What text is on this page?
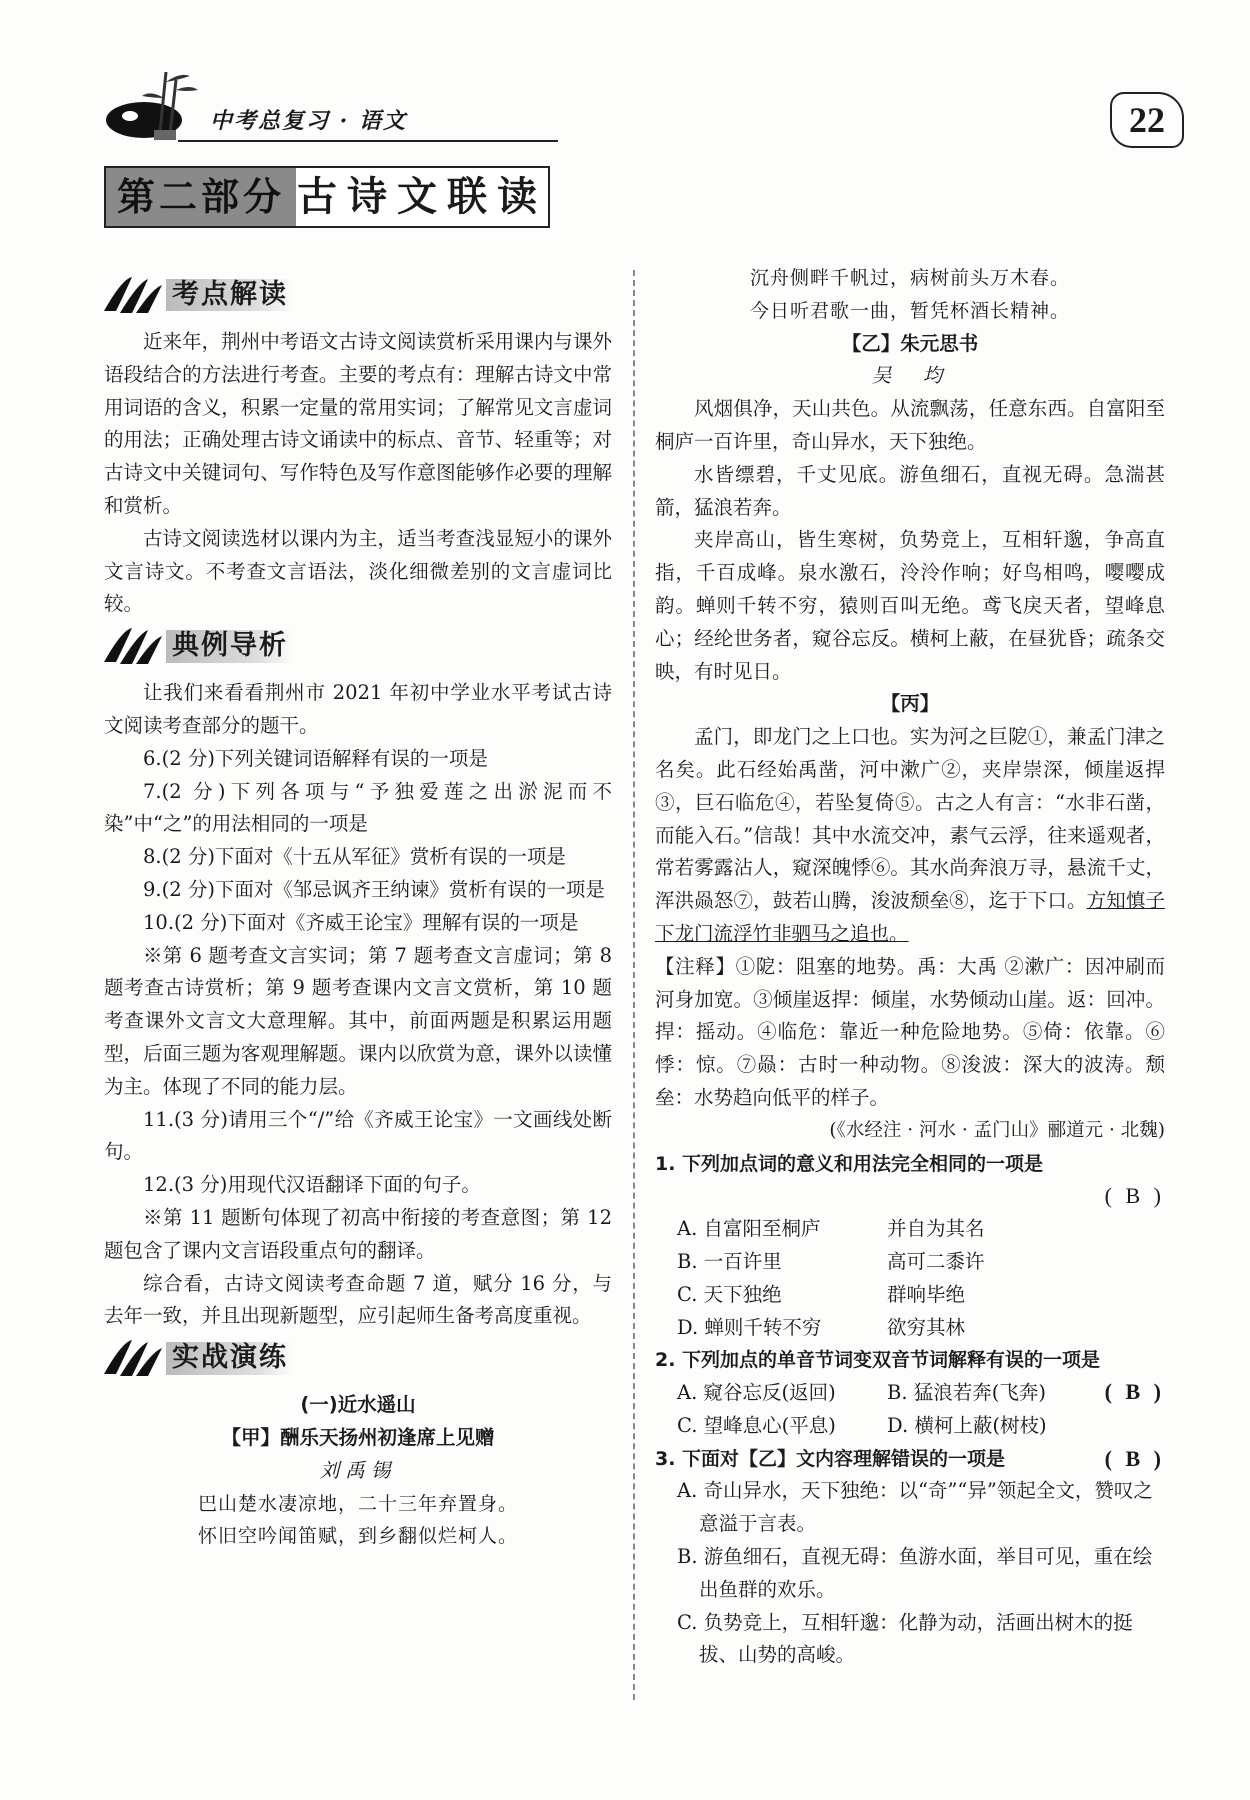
中考总复习 · 语文	22
第二部分 古诗文联读
考点解读

近来年，荆州中考语文古诗文阅读赏析采用课内与课外语段结合的方法进行考查。主要的考点有：理解古诗文中常用词语的含义，积累一定量的常用实词；了解常见文言虚词的用法；正确处理古诗文诵读中的标点、音节、轻重等；对古诗文中关键词句、写作特色及写作意图能够作必要的理解和赏析。

古诗文阅读选材以课内为主，适当考查浅显短小的课外文言诗文。不考查文言语法，淡化细微差别的文言虚词比较。

典例导析

让我们来看看荆州市 2021 年初中学业水平考试古诗文阅读考查部分的题干。

6.(2 分)下列关键词语解释有误的一项是

7.(2 分)下列各项与“予独爱莲之出淤泥而不染”中“之”的用法相同的一项是

8.(2 分)下面对《十五从军征》赏析有误的一项是

9.(2 分)下面对《邹忌讽齐王纳谏》赏析有误的一项是

10.(2 分)下面对《齐威王论宝》理解有误的一项是

※第 6 题考查文言实词；第 7 题考查文言虚词；第 8 题考查古诗赏析；第 9 题考查课内文言文赏析，第 10 题考查课外文言文大意理解。其中，前面两题是积累运用题型，后面三题为客观理解题。课内以欣赏为意，课外以读懂为主。体现了不同的能力层。

11.(3 分)请用三个“/”给《齐威王论宝》一文画线处断句。

12.(3 分)用现代汉语翻译下面的句子。

※第 11 题断句体现了初高中衔接的考查意图；第 12 题包含了课内文言语段重点句的翻译。

综合看，古诗文阅读考查命题 7 道，赋分 16 分，与去年一致，并且出现新题型，应引起师生备考高度重视。

实战演练

(一)近水遥山

【甲】酬乐天扬州初逢席上见赠

刘禹锡

巴山楚水凄凉地，二十三年弃置身。

怀旧空吟闻笛赋，到乡翻似烂柯人。

沉舟侧畔千帆过，病树前头万木春。

今日听君歌一曲，暂凭杯酒长精神。

【乙】朱元思书

吴　均

风烟俱净，天山共色。从流飘荡，任意东西。自富阳至桐庐一百许里，奇山异水，天下独绝。

水皆缥碧，千丈见底。游鱼细石，直视无碍。急湍甚箭，猛浪若奔。

夹岸高山，皆生寒树，负势竞上，互相轩邈，争高直指，千百成峰。泉水激石，泠泠作响；好鸟相鸣，嘤嘤成韵。蝉则千转不穷，猿则百叫无绝。鸢飞戾天者，望峰息心；经纶世务者，窥谷忘反。横柯上蔽，在昼犹昏；疏条交映，有时见日。

【丙】

孟门，即龙门之上口也。实为河之巨阸①，兼孟门津之名矣。此石经始禹凿，河中漱广②，夹岸崇深，倾崖返捍③，巨石临危④，若坠复倚⑤。古之人有言：“水非石凿，而能入石。”信哉！其中水流交冲，素气云浮，往来遥观者，常若雾露沾人，窥深魄悸⑥。其水尚奔浪万寻，悬流千丈，浑洪赑怒⑦，鼓若山腾，浚波颓垒⑧，迄于下口。方知慎子下龙门流浮竹非驷马之追也。

【注释】①阸：阻塞的地势。禹：大禹 ②漱广：因冲刷而河身加宽。③倾崖返捍：倾崖，水势倾动山崖。返：回冲。捍：摇动。④临危：靠近一种危险地势。⑤倚：依靠。⑥悸：惊。⑦赑：古时一种动物。⑧浚波：深大的波涛。颓垒：水势趋向低平的样子。

(《水经注 · 河水 · 孟门山》郦道元 · 北魏)

1. 下列加点词的意义和用法完全相同的一项是

( B )

A. 自富阳至桐庐	并自为其名
B. 一百许里	高可二黍许
C. 天下独绝	群响毕绝
D. 蝉则千转不穷	欲穷其林

( B )
2. 下列加点的单音节词变双音节词解释有误的一项是

A. 窥谷忘反(返回)	B. 猛浪若奔(飞奔)
C. 望峰息心(平息)	D. 横柯上蔽(树枝)

( B )
3. 下面对【乙】文内容理解错误的一项是

A. 奇山异水，天下独绝：以“奇”“异”领起全文，赞叹之意溢于言表。

B. 游鱼细石，直视无碍：鱼游水面，举目可见，重在绘出鱼群的欢乐。

C. 负势竞上，互相轩邈：化静为动，活画出树木的挺拔、山势的高峻。
